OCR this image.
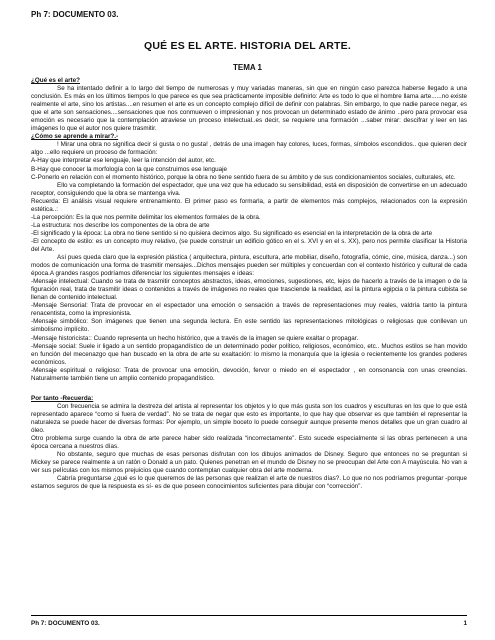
Ph 7: DOCUMENTO 03.
QUÉ ES EL ARTE. HISTORIA DEL ARTE.
TEMA 1

¿Qué es el arte?

Se ha intentado definir a lo largo del tiempo de numerosas y muy variadas maneras, sin que en ningún caso parezca haberse llegado a una conclusión. Es más en los últimos tiempos lo que parece es que sea prácticamente imposible definirlo: Arte es todo lo que el hombre llama arte......no existe realmente el arte, sino los artistas....en resumen el arte es un concepto complejo difícil de definir con palabras. Sin embargo, lo que nadie parece negar, es que el arte son sensaciones....sensaciones que nos conmueven o impresionan y nos provocan un determinado estado de ánimo ..pero para provocar esa emoción es necesario que la contemplación atraviese un proceso intelectual..es decir, se requiere una formación ...saber mirar: descifrar y leer en las imágenes lo que el autor nos quiere trasmitir.

¿Cómo se aprende a mirar?.-

! Mirar una obra no significa decir si gusta o no gusta! , detrás de una imagen hay colores, luces, formas, símbolos escondidos.. que quieren decir algo ...ello requiere un proceso de formación:

A-Hay que interpretar ese lenguaje, leer la intención del autor, etc.

B-Hay que conocer la morfología con la que construimos ese lenguaje

C-Ponerlo en relación con el momento histórico, porque la obra no tiene sentido fuera de su ámbito y de sus condicionamientos sociales, culturales, etc.

Ello va completando la formación del espectador, que una vez que ha educado su sensibilidad, está en disposición de convertirse en un adecuado receptor, consiguiendo que la obra se mantenga viva.

Recuerda: El análisis visual requiere entrenamiento. El primer paso es formarla, a partir de elementos más complejos, relacionados con la expresión estética..:

-La percepción: Es la que nos permite delimitar los elementos formales de la obra.

-La estructura: nos describe los componentes de la obra de arte

-El significado y la época: La obra no tiene sentido si no quisiera decirnos algo. Su significado es esencial en la interpretación de la obra de arte

-El concepto de estilo: es un concepto muy relativo, (se puede construir un edificio gótico en el s. XVI y en el s. XX), pero nos permite clasificar la Historia del Arte.

Así pues queda claro que la expresión plástica ( arquitectura, pintura, escultura, arte mobiliar, diseño, fotografía, cómic, cine, música, danza...) son modos de comunicación una forma de trasmitir mensajes...Dichos mensajes pueden ser múltiples y concuerdan con el contexto histórico y cultural de cada época.A grandes rasgos podríamos diferenciar los siguientes mensajes e ideas:

-Mensaje intelectual: Cuando se trata de trasmitir conceptos abstractos, ideas, emociones, sugestiones, etc, lejos de hacerlo a través de la imagen o de la figuración real, trata de trasmitir ideas o contenidos a través de imágenes no reales que trasciende la realidad, así la pintura egipcia o la pintura cubista se llenan de contenido intelectual.

-Mensaje Sensorial: Trata de provocar en el espectador una emoción o sensación a través de representaciones muy reales, valdría tanto la pintura renacentista, como la impresionista.

-Mensaje simbólico: Son imágenes que tienen una segunda lectura. En este sentido las representaciones mitológicas o religiosas que conllevan un simbolismo implícito.

-Mensaje historicista:: Cuando representa un hecho histórico, que a través de la imagen se quiere exaltar o propagar.

-Mensaje social: Suele ir ligado a un sentido propagandístico de un determinado poder político, religiosos, económico, etc.. Muchos estilos se han movido en función del mecenazgo que han buscado en la obra de arte su exaltación: lo mismo la monarquía que la iglesia o recientemente los grandes poderes económicos.

-Mensaje espiritual o religioso: Trata de provocar una emoción, devoción, fervor o miedo en el espectador , en consonancia con unas creencias. Naturalmente también tiene un amplio contenido propagandístico.

Por tanto -Recuerda:

Con frecuencia se admira la destreza del artista al representar los objetos y lo que más gusta son los cuadros y esculturas en los que lo que está representado aparece “como si fuera de verdad”. No se trata de negar que esto es importante, lo que hay que observar es que también el representar la naturaleza se puede hacer de diversas formas: Por ejemplo, un simple boceto lo puede conseguir aunque presente menos detalles que un gran cuadro al óleo.

Otro problema surge cuando la obra de arte parece haber sido realizada “incorrectamente”. Esto sucede especialmente si las obras pertenecen a una época cercana a nuestros días.

No obstante, seguro que muchas de esas personas disfrutan con los dibujos animados de Disney. Seguro que entonces no se preguntan si Mickey se parece realmente a un ratón o Donald a un pato. Quienes penetran en el mundo de Disney no se preocupan del Arte con A mayúscula. No van a ver sus películas con los mismos prejuicios que cuando contemplan cualquier obra del arte moderna.

Cabría preguntarse ¿qué es lo que queremos de las personas que realizan el arte de nuestros días?. Lo que no nos podríamos preguntar -porque estamos seguros de que la respuesta es sí- es de que poseen conocimientos suficientes para dibujar con “corrección”.

Ph 7: DOCUMENTO 03.	1
